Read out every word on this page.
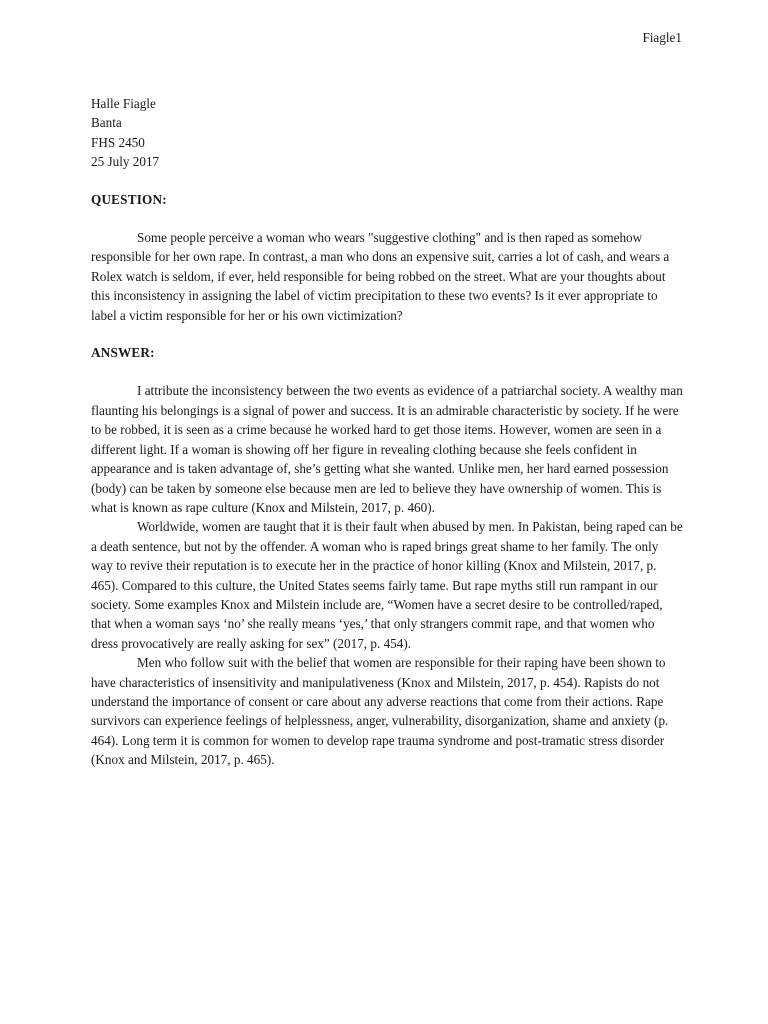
Fiagle1
Halle Fiagle
Banta
FHS 2450
25 July 2017
QUESTION:

Some people perceive a woman who wears "suggestive clothing" and is then raped as somehow responsible for her own rape. In contrast, a man who dons an expensive suit, carries a lot of cash, and wears a Rolex watch is seldom, if ever, held responsible for being robbed on the street. What are your thoughts about this inconsistency in assigning the label of victim precipitation to these two events? Is it ever appropriate to label a victim responsible for her or his own victimization?

ANSWER:

I attribute the inconsistency between the two events as evidence of a patriarchal society. A wealthy man flaunting his belongings is a signal of power and success. It is an admirable characteristic by society. If he were to be robbed, it is seen as a crime because he worked hard to get those items. However, women are seen in a different light. If a woman is showing off her figure in revealing clothing because she feels confident in appearance and is taken advantage of, she’s getting what she wanted. Unlike men, her hard earned possession (body) can be taken by someone else because men are led to believe they have ownership of women. This is what is known as rape culture (Knox and Milstein, 2017, p. 460).

Worldwide, women are taught that it is their fault when abused by men. In Pakistan, being raped can be a death sentence, but not by the offender. A woman who is raped brings great shame to her family. The only way to revive their reputation is to execute her in the practice of honor killing (Knox and Milstein, 2017, p. 465). Compared to this culture, the United States seems fairly tame. But rape myths still run rampant in our society. Some examples Knox and Milstein include are, “Women have a secret desire to be controlled/raped, that when a woman says ‘no’ she really means ‘yes,’ that only strangers commit rape, and that women who dress provocatively are really asking for sex” (2017, p. 454).

Men who follow suit with the belief that women are responsible for their raping have been shown to have characteristics of insensitivity and manipulativeness (Knox and Milstein, 2017, p. 454). Rapists do not understand the importance of consent or care about any adverse reactions that come from their actions. Rape survivors can experience feelings of helplessness, anger, vulnerability, disorganization, shame and anxiety (p. 464). Long term it is common for women to develop rape trauma syndrome and post-tramatic stress disorder (Knox and Milstein, 2017, p. 465).
